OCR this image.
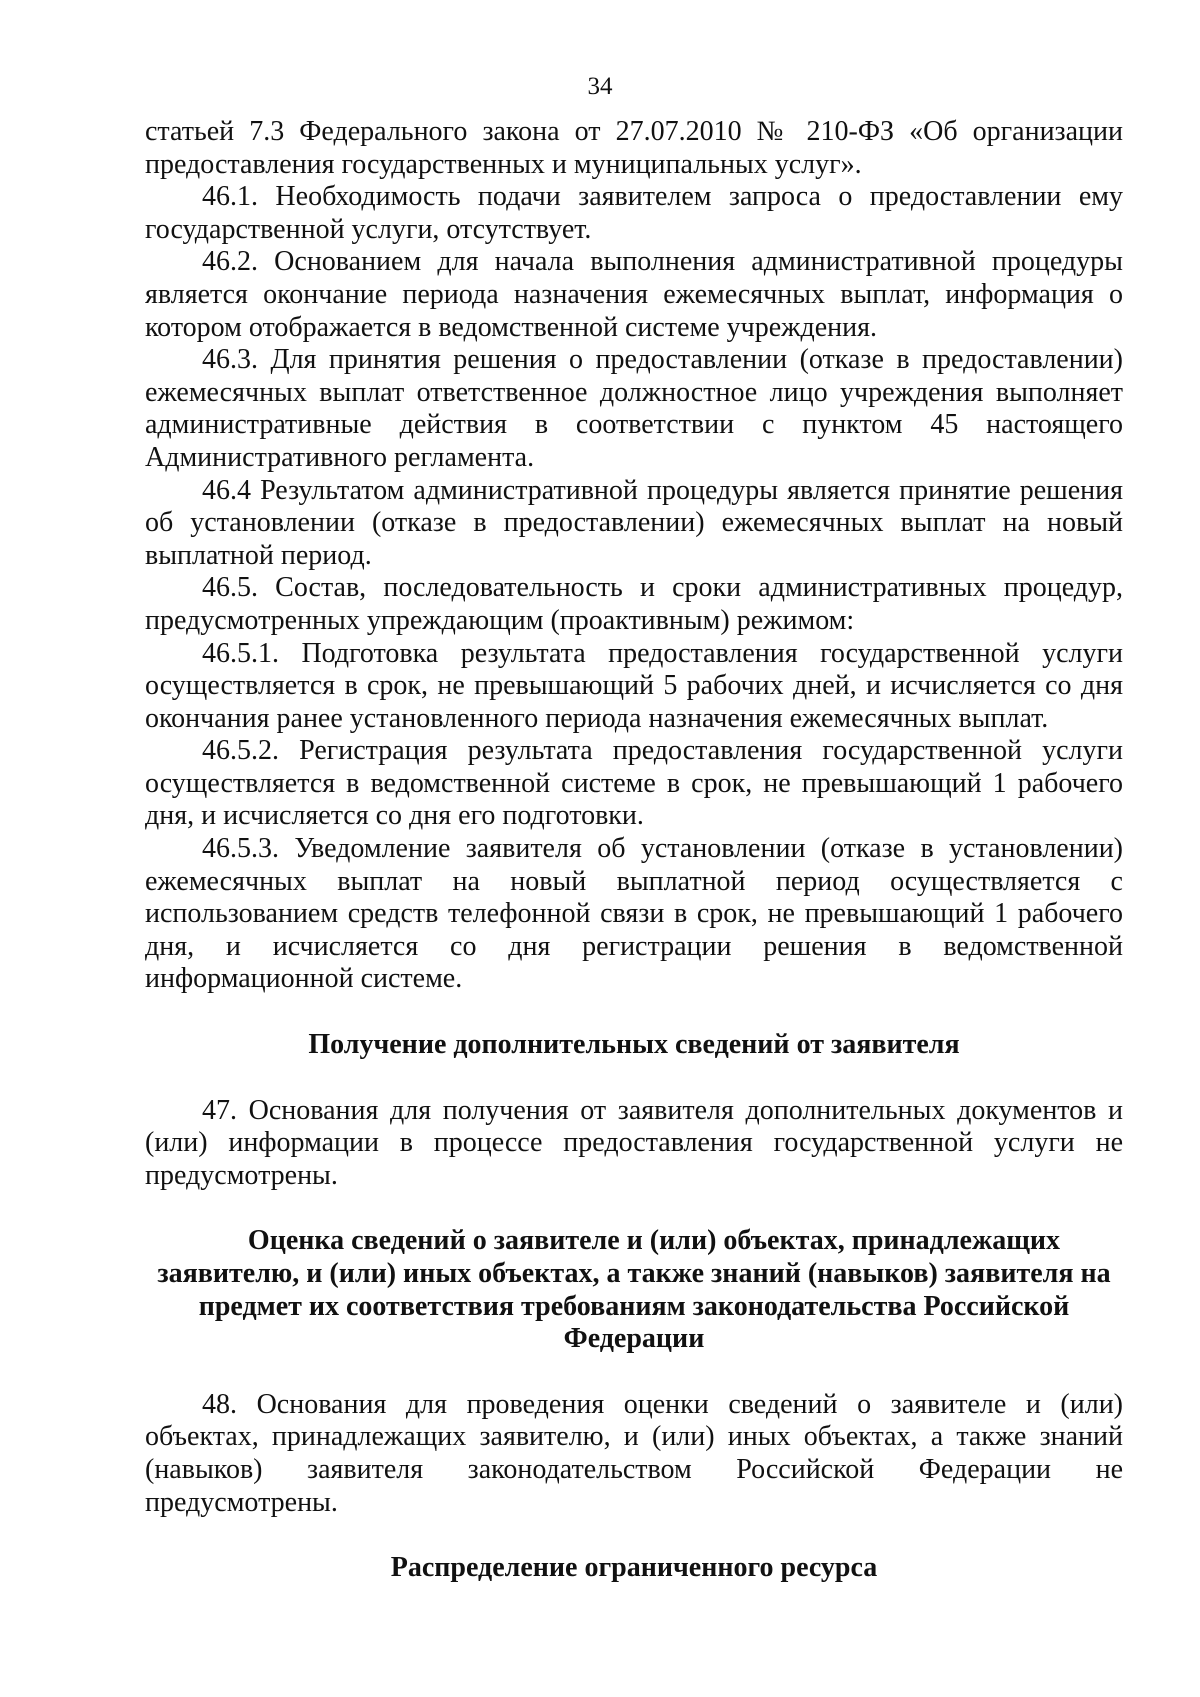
34

статьей 7.3 Федерального закона от 27.07.2010 № 210-ФЗ «Об организации предоставления государственных и муниципальных услуг».

46.1. Необходимость подачи заявителем запроса о предоставлении ему государственной услуги, отсутствует.

46.2. Основанием для начала выполнения административной процедуры является окончание периода назначения ежемесячных выплат, информация о котором отображается в ведомственной системе учреждения.

46.3. Для принятия решения о предоставлении (отказе в предоставлении) ежемесячных выплат ответственное должностное лицо учреждения выполняет административные действия в соответствии с пунктом 45 настоящего Административного регламента.

46.4 Результатом административной процедуры является принятие решения об установлении (отказе в предоставлении) ежемесячных выплат на новый выплатной период.

46.5. Состав, последовательность и сроки административных процедур, предусмотренных упреждающим (проактивным) режимом:

46.5.1. Подготовка результата предоставления государственной услуги осуществляется в срок, не превышающий 5 рабочих дней, и исчисляется со дня окончания ранее установленного периода назначения ежемесячных выплат.

46.5.2. Регистрация результата предоставления государственной услуги осуществляется в ведомственной системе в срок, не превышающий 1 рабочего дня, и исчисляется со дня его подготовки.

46.5.3. Уведомление заявителя об установлении (отказе в установлении) ежемесячных выплат на новый выплатной период осуществляется с использованием средств телефонной связи в срок, не превышающий 1 рабочего дня, и исчисляется со дня регистрации решения в ведомственной информационной системе.

Получение дополнительных сведений от заявителя

47. Основания для получения от заявителя дополнительных документов и (или) информации в процессе предоставления государственной услуги не предусмотрены.

Оценка сведений о заявителе и (или) объектах, принадлежащих
заявителю, и (или) иных объектах, а также знаний (навыков) заявителя на предмет их соответствия требованиям законодательства Российской Федерации

48. Основания для проведения оценки сведений о заявителе и (или) объектах, принадлежащих заявителю, и (или) иных объектах, а также знаний (навыков) заявителя законодательством Российской Федерации не предусмотрены.

Распределение ограниченного ресурса
